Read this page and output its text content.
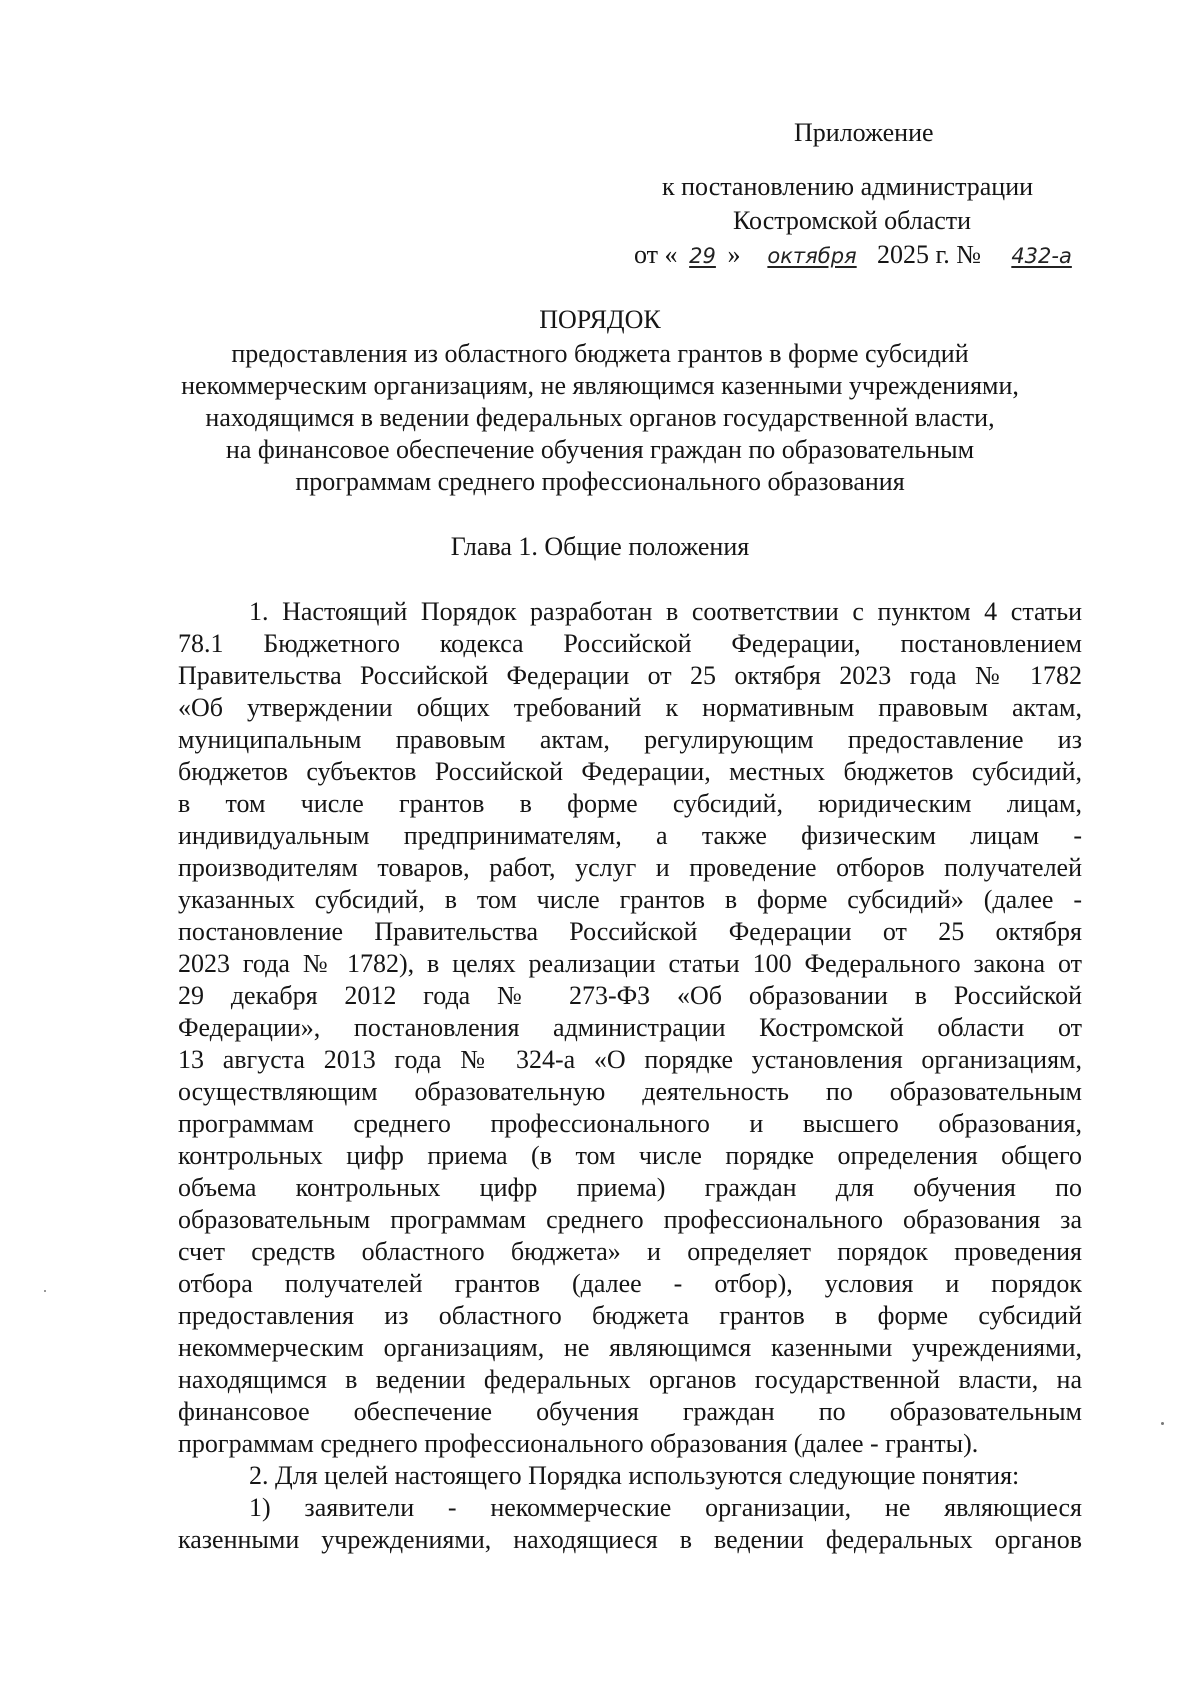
Приложение
к постановлению администрации
Костромской области
от « 29 » октября 2025 г. № 432-а
ПОРЯДОК
предоставления из областного бюджета грантов в форме субсидий
некоммерческим организациям, не являющимся казенными учреждениями,
находящимся в ведении федеральных органов государственной власти,
на финансовое обеспечение обучения граждан по образовательным
программам среднего профессионального образования
Глава 1. Общие положения
1. Настоящий Порядок разработан в соответствии с пунктом 4 статьи
78.1 Бюджетного кодекса Российской Федерации, постановлением
Правительства Российской Федерации от 25 октября 2023 года № 1782
«Об утверждении общих требований к нормативным правовым актам,
муниципальным правовым актам, регулирующим предоставление из
бюджетов субъектов Российской Федерации, местных бюджетов субсидий,
в том числе грантов в форме субсидий, юридическим лицам,
индивидуальным предпринимателям, а также физическим лицам -
производителям товаров, работ, услуг и проведение отборов получателей
указанных субсидий, в том числе грантов в форме субсидий» (далее -
постановление Правительства Российской Федерации от 25 октября
2023 года № 1782), в целях реализации статьи 100 Федерального закона от
29 декабря 2012 года № 273-ФЗ «Об образовании в Российской
Федерации», постановления администрации Костромской области от
13 августа 2013 года № 324-а «О порядке установления организациям,
осуществляющим образовательную деятельность по образовательным
программам среднего профессионального и высшего образования,
контрольных цифр приема (в том числе порядке определения общего
объема контрольных цифр приема) граждан для обучения по
образовательным программам среднего профессионального образования за
счет средств областного бюджета» и определяет порядок проведения
отбора получателей грантов (далее - отбор), условия и порядок
предоставления из областного бюджета грантов в форме субсидий
некоммерческим организациям, не являющимся казенными учреждениями,
находящимся в ведении федеральных органов государственной власти, на
финансовое обеспечение обучения граждан по образовательным
программам среднего профессионального образования (далее - гранты).
2. Для целей настоящего Порядка используются следующие понятия:
1) заявители - некоммерческие организации, не являющиеся
казенными учреждениями, находящиеся в ведении федеральных органов
